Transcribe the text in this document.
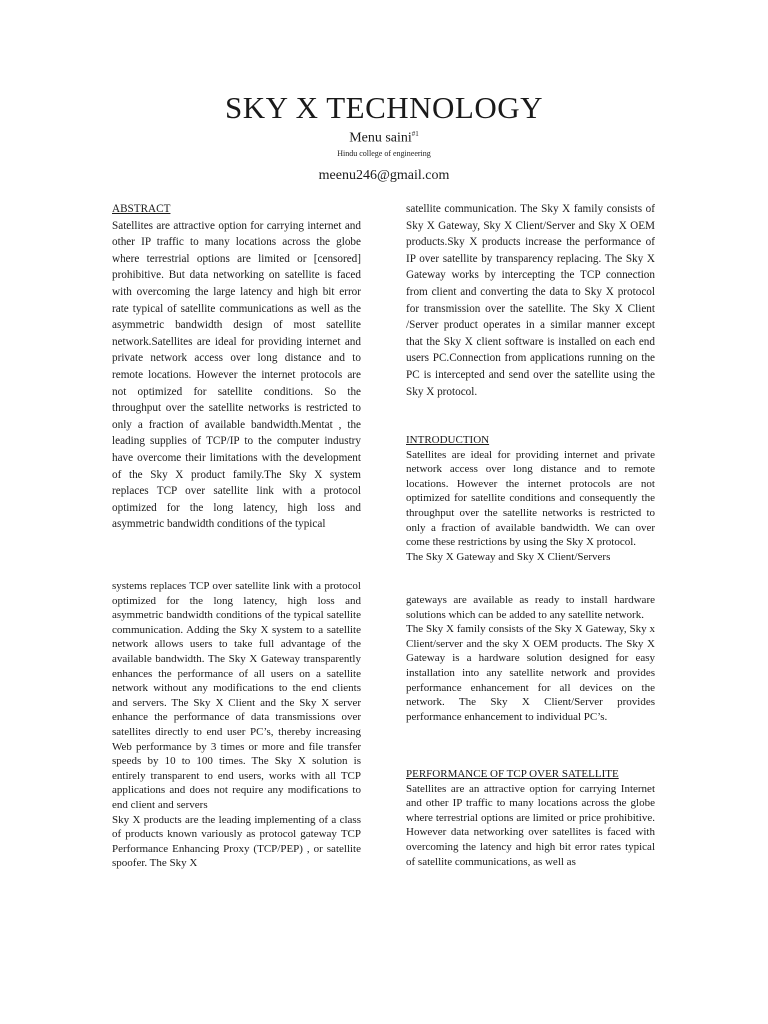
SKY X TECHNOLOGY
Menu saini$^{\#1}$
Hindu college of engineering
meenu246@gmail.com
ABSTRACT

Satellites are attractive option for carrying internet and other IP traffic to many locations across the globe where terrestrial options are limited or [censored] prohibitive. But data networking on satellite is faced with overcoming the large latency and high bit error rate typical of satellite communications as well as the asymmetric bandwidth design of most satellite network.Satellites are ideal for providing internet and private network access over long distance and to remote locations. However the internet protocols are not optimized for satellite conditions. So the throughput over the satellite networks is restricted to only a fraction of available bandwidth.Mentat , the leading supplies of TCP/IP to the computer industry have overcome their limitations with the development of the Sky X product family.The Sky X system replaces TCP over satellite link with a protocol optimized for the long latency, high loss and asymmetric bandwidth conditions of the typical

satellite communication. The Sky X family consists of Sky X Gateway, Sky X Client/Server and Sky X OEM products.Sky X products increase the performance of IP over satellite by transparency replacing. The Sky X Gateway works by intercepting the TCP connection from client and converting the data to Sky X protocol for transmission over the satellite. The Sky X Client /Server product operates in a similar manner except that the Sky X client software is installed on each end users PC.Connection from applications running on the PC is intercepted and send over the satellite using the Sky X protocol.

INTRODUCTION

Satellites are ideal for providing internet and private network access over long distance and to remote locations. However the internet protocols are not optimized for satellite conditions and consequently the throughput over the satellite networks is restricted to only a fraction of available bandwidth. We can over come these restrictions by using the Sky X protocol.

The Sky X Gateway and Sky X Client/Servers

systems replaces TCP over satellite link with a protocol optimized for the long latency, high loss and asymmetric bandwidth conditions of the typical satellite communication. Adding the Sky X system to a satellite network allows users to take full advantage of the available bandwidth. The Sky X Gateway transparently enhances the performance of all users on a satellite network without any modifications to the end clients and servers. The Sky X Client and the Sky X server enhance the performance of data transmissions over satellites directly to end user PC’s, thereby increasing Web performance by 3 times or more and file transfer speeds by 10 to 100 times. The Sky X solution is entirely transparent to end users, works with all TCP applications and does not require any modifications to end client and servers

Sky X products are the leading implementing of a class of products known variously as protocol gateway TCP Performance Enhancing Proxy (TCP/PEP) , or satellite spoofer. The Sky X

gateways are available as ready to install hardware solutions which can be added to any satellite network.

The Sky X family consists of the Sky X Gateway, Sky x Client/server and the sky X OEM products. The Sky X Gateway is a hardware solution designed for easy installation into any satellite network and provides performance enhancement for all devices on the network. The Sky X Client/Server provides performance enhancement to individual PC’s.

PERFORMANCE OF TCP OVER SATELLITE

Satellites are an attractive option for carrying Internet and other IP traffic to many locations across the globe where terrestrial options are limited or price prohibitive. However data networking over satellites is faced with overcoming the latency and high bit error rates typical of satellite communications, as well as
